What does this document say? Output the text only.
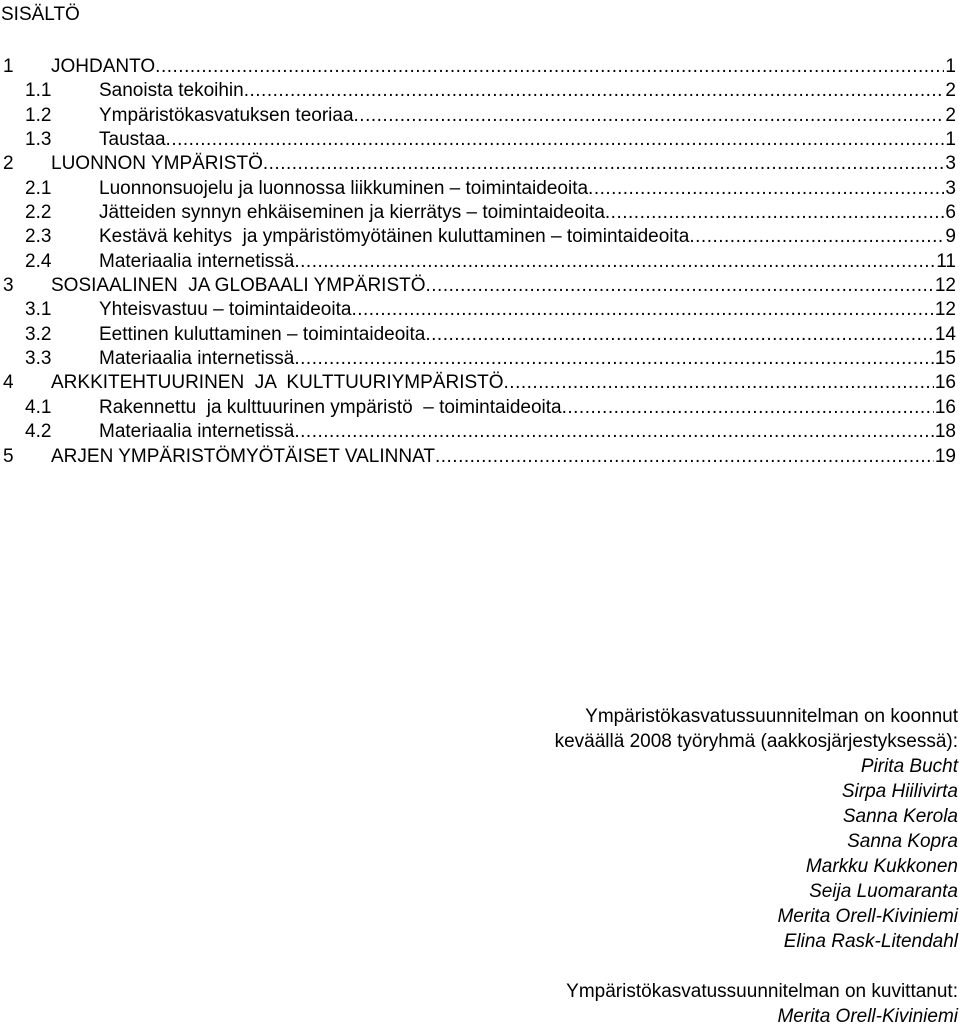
SISÄLTÖ
1 JOHDANTO .....	1
1.1	Sanoista tekoihin .....	2
1.2	Ympäristökasvatuksen teoriaa .....	2
1.3	Taustaa .....	1
2 LUONNON YMPÄRISTÖ .....	3
2.1	Luonnonsuojelu ja luonnossa liikkuminen – toimintaideoita .....	3
2.2	Jätteiden synnyn ehkäiseminen ja kierrätys – toimintaideoita .....	6
2.3	Kestävä kehitys  ja ympäristömyötäinen kuluttaminen – toimintaideoita .....	9
2.4	Materiaalia internetissä .....	11
3 SOSIAALINEN  JA GLOBAALI YMPÄRISTÖ .....	12
3.1	Yhteisvastuu – toimintaideoita .....	12
3.2	Eettinen kuluttaminen – toimintaideoita .....	14
3.3	Materiaalia internetissä .....	15
4 ARKKITEHTUURINEN  JA  KULTTUURIYMPÄRISTÖ .....	16
4.1	Rakennettu  ja kulttuurinen ympäristö  – toimintaideoita .....	16
4.2	Materiaalia internetissä .....	18
5 ARJEN YMPÄRISTÖMYÖTÄISET VALINNAT .....	19
Ympäristökasvatussuunnitelman on koonnut
keväällä 2008 työryhmä (aakkosjärjestyksessä):
Pirita Bucht
Sirpa Hiilivirta
Sanna Kerola
Sanna Kopra
Markku Kukkonen
Seija Luomaranta
Merita Orell-Kiviniemi
Elina Rask-Litendahl
Ympäristökasvatussuunnitelman on kuvittanut:
Merita Orell-Kiviniemi
